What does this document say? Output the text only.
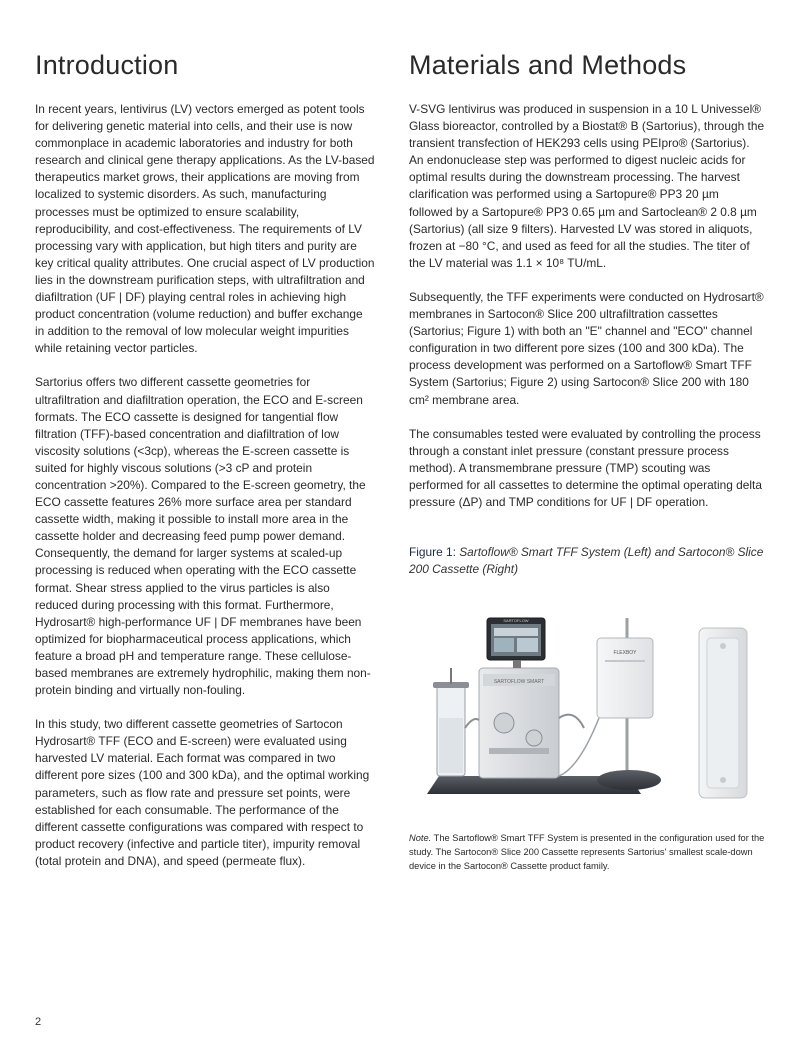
Introduction

In recent years, lentivirus (LV) vectors emerged as potent tools for delivering genetic material into cells, and their use is now commonplace in academic laboratories and industry for both research and clinical gene therapy applications. As the LV-based therapeutics market grows, their applications are moving from localized to systemic disorders. As such, manufacturing processes must be optimized to ensure scalability, reproducibility, and cost-effectiveness. The requirements of LV processing vary with application, but high titers and purity are key critical quality attributes. One crucial aspect of LV production lies in the downstream purification steps, with ultrafiltration and diafiltration (UF | DF) playing central roles in achieving high product concentration (volume reduction) and buffer exchange in addition to the removal of low molecular weight impurities while retaining vector particles.

Sartorius offers two different cassette geometries for ultrafiltration and diafiltration operation, the ECO and E-screen formats. The ECO cassette is designed for tangential flow filtration (TFF)-based concentration and diafiltration of low viscosity solutions (<3cp), whereas the E-screen cassette is suited for highly viscous solutions (>3 cP and protein concentration >20%). Compared to the E-screen geometry, the ECO cassette features 26% more surface area per standard cassette width, making it possible to install more area in the cassette holder and decreasing feed pump power demand. Consequently, the demand for larger systems at scaled-up processing is reduced when operating with the ECO cassette format. Shear stress applied to the virus particles is also reduced during processing with this format. Furthermore, Hydrosart® high-performance UF | DF membranes have been optimized for biopharmaceutical process applications, which feature a broad pH and temperature range. These cellulose-based membranes are extremely hydrophilic, making them non-protein binding and virtually non-fouling.

In this study, two different cassette geometries of Sartocon Hydrosart® TFF (ECO and E-screen) were evaluated using harvested LV material. Each format was compared in two different pore sizes (100 and 300 kDa), and the optimal working parameters, such as flow rate and pressure set points, were established for each consumable. The performance of the different cassette configurations was compared with respect to product recovery (infective and particle titer), impurity removal (total protein and DNA), and speed (permeate flux).

Materials and Methods

V-SVG lentivirus was produced in suspension in a 10 L Univessel® Glass bioreactor, controlled by a Biostat® B (Sartorius), through the transient transfection of HEK293 cells using PEIpro® (Sartorius). An endonuclease step was performed to digest nucleic acids for optimal results during the downstream processing. The harvest clarification was performed using a Sartopure® PP3 20 µm followed by a Sartopure® PP3 0.65 µm and Sartoclean® 2 0.8 µm (Sartorius) (all size 9 filters). Harvested LV was stored in aliquots, frozen at −80 °C, and used as feed for all the studies. The titer of the LV material was 1.1 × 10⁸ TU/mL.

Subsequently, the TFF experiments were conducted on Hydrosart® membranes in Sartocon® Slice 200 ultrafiltration cassettes (Sartorius; Figure 1) with both an "E" channel and "ECO" channel configuration in two different pore sizes (100 and 300 kDa). The process development was performed on a Sartoflow® Smart TFF System (Sartorius; Figure 2) using Sartocon® Slice 200 with 180 cm² membrane area.

The consumables tested were evaluated by controlling the process through a constant inlet pressure (constant pressure process method). A transmembrane pressure (TMP) scouting was performed for all cassettes to determine the optimal operating delta pressure (ΔP) and TMP conditions for UF | DF operation.

Figure 1: Sartoflow® Smart TFF System (Left) and Sartocon® Slice 200 Cassette (Right)
SARTOFLOW SMART
SARTOFLOW
FLEXBOY
Note. The Sartoflow® Smart TFF System is presented in the configuration used for the study. The Sartocon® Slice 200 Cassette represents Sartorius' smallest scale-down device in the Sartocon® Cassette product family.
2
